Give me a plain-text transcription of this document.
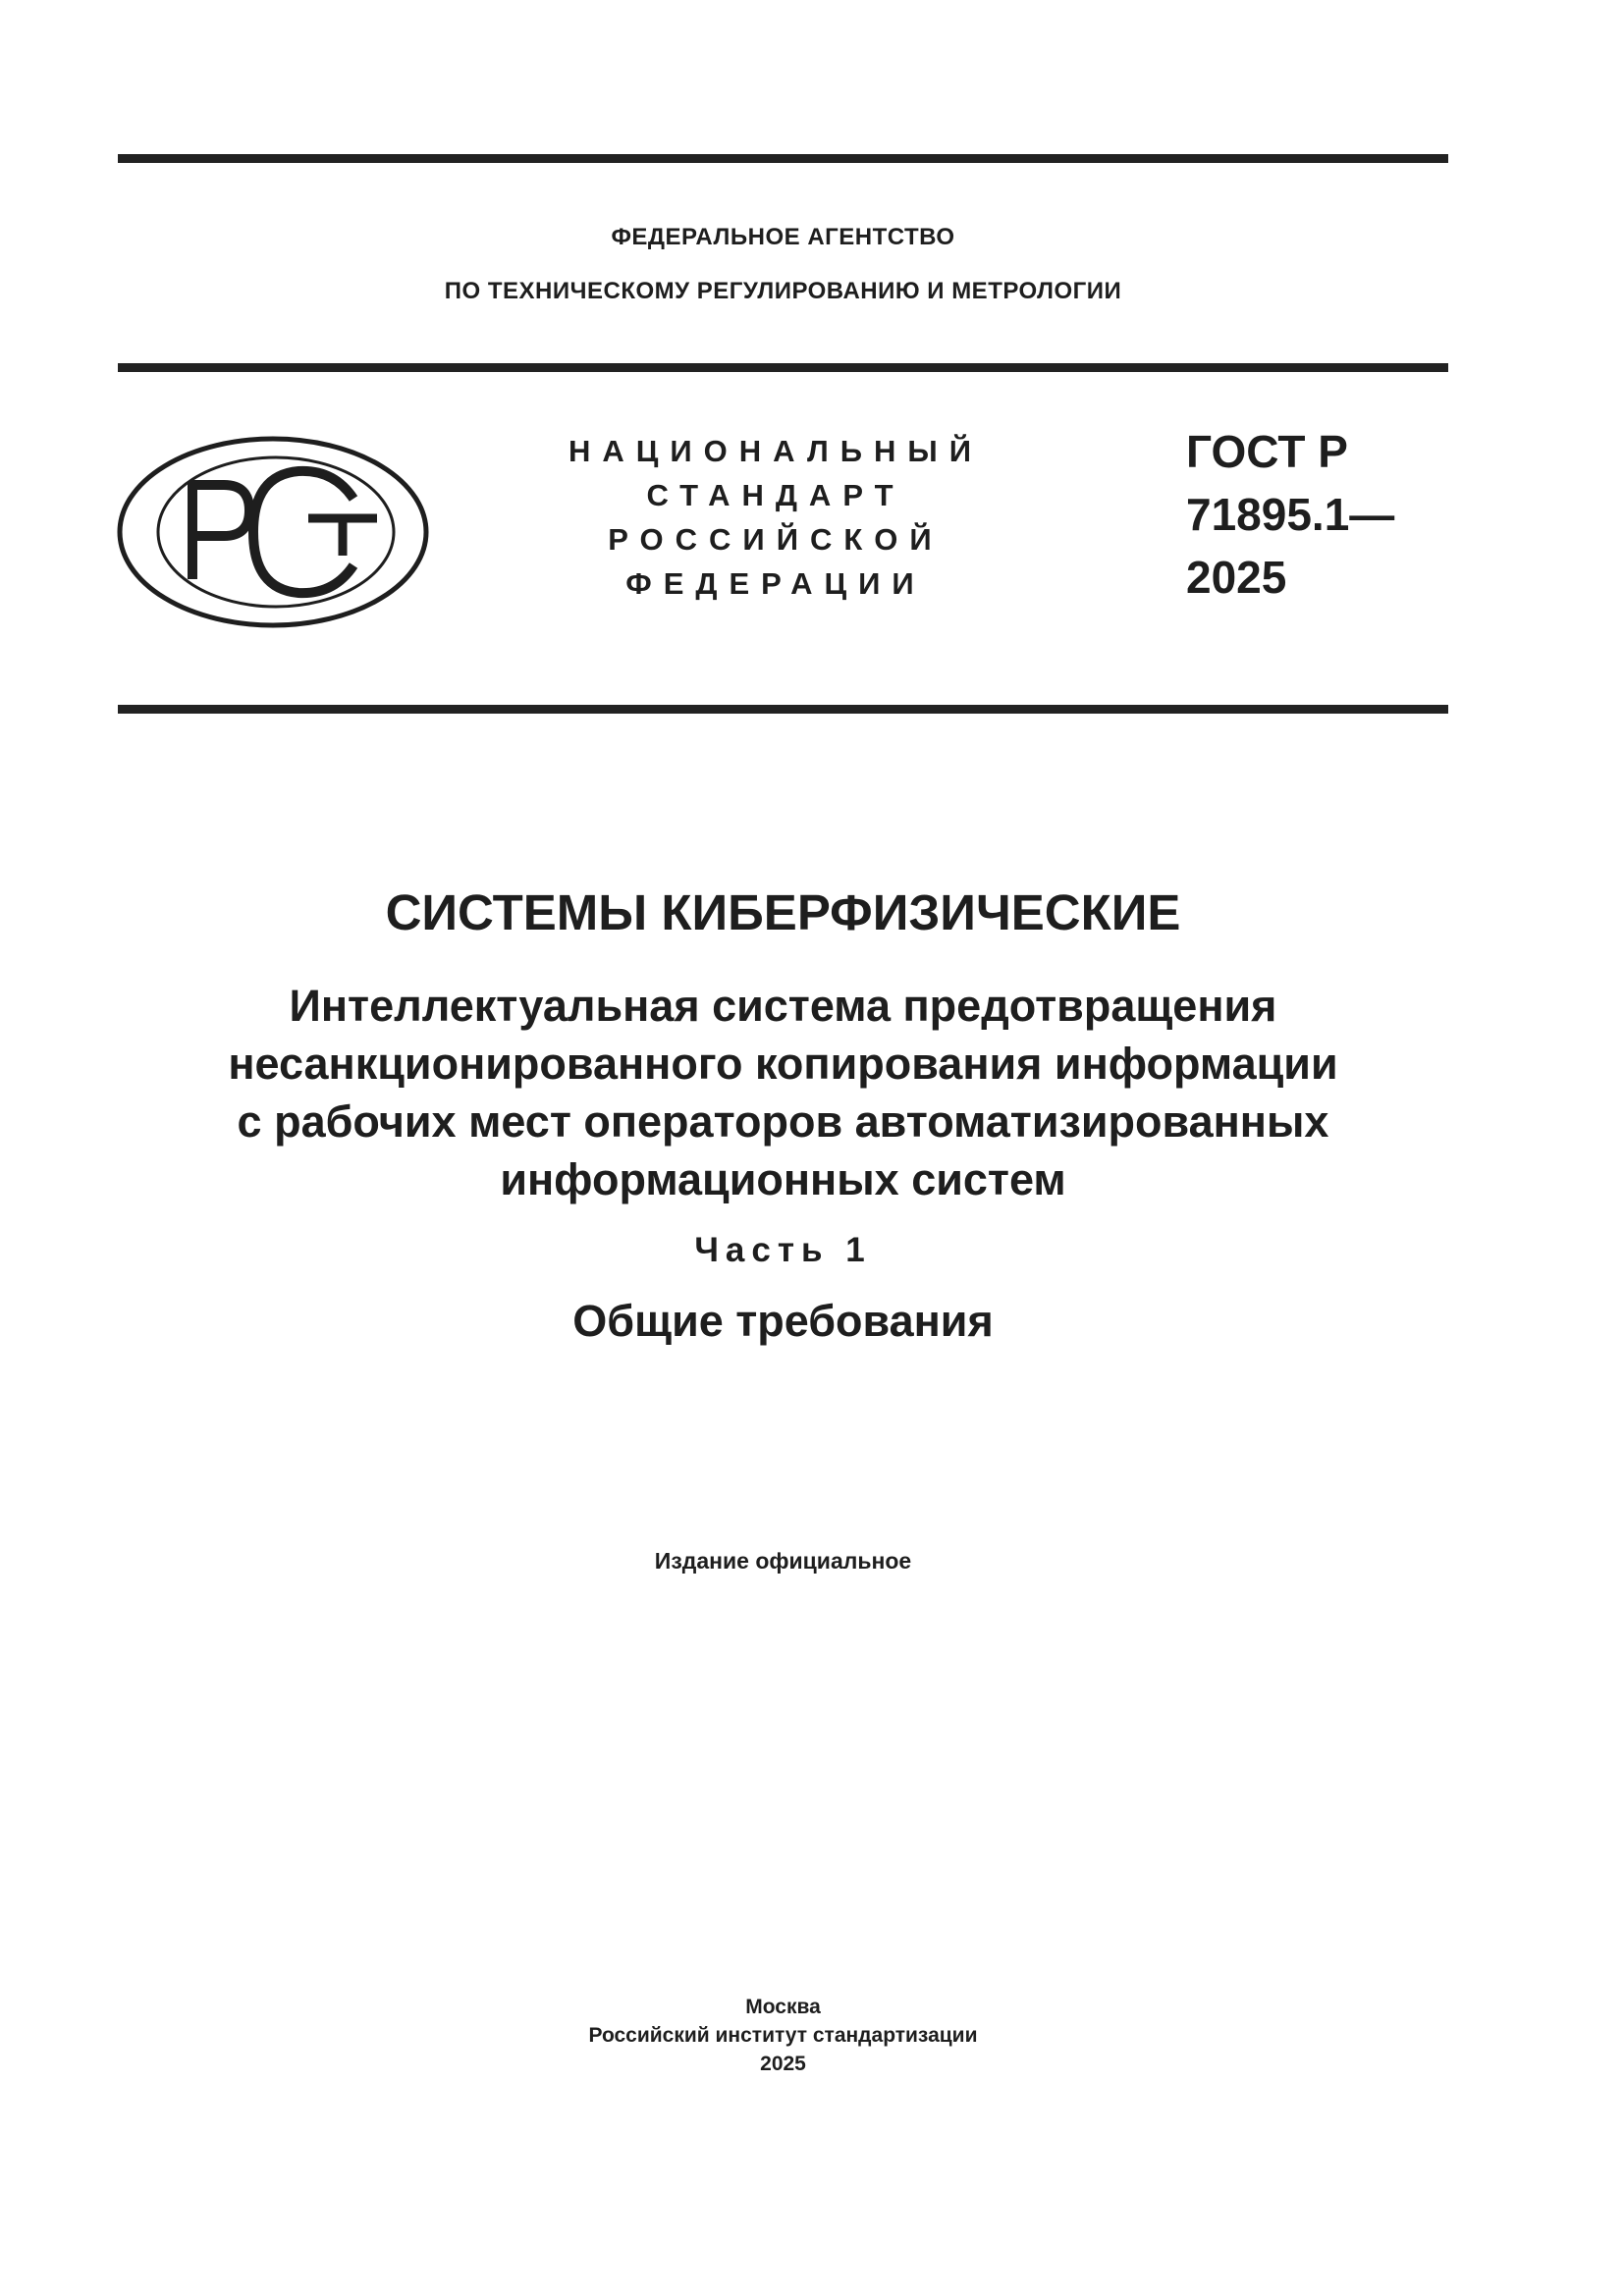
ФЕДЕРАЛЬНОЕ АГЕНТСТВО
ПО ТЕХНИЧЕСКОМУ РЕГУЛИРОВАНИЮ И МЕТРОЛОГИИ
НАЦИОНАЛЬНЫЙ
СТАНДАРТ
РОССИЙСКОЙ
ФЕДЕРАЦИИ
ГОСТ Р
71895.1—
2025
СИСТЕМЫ КИБЕРФИЗИЧЕСКИЕ
Интеллектуальная система предотвращения
несанкционированного копирования информации
с рабочих мест операторов автоматизированных
информационных систем
Часть 1
Общие требования
Издание официальное
Москва
Российский институт стандартизации
2025
